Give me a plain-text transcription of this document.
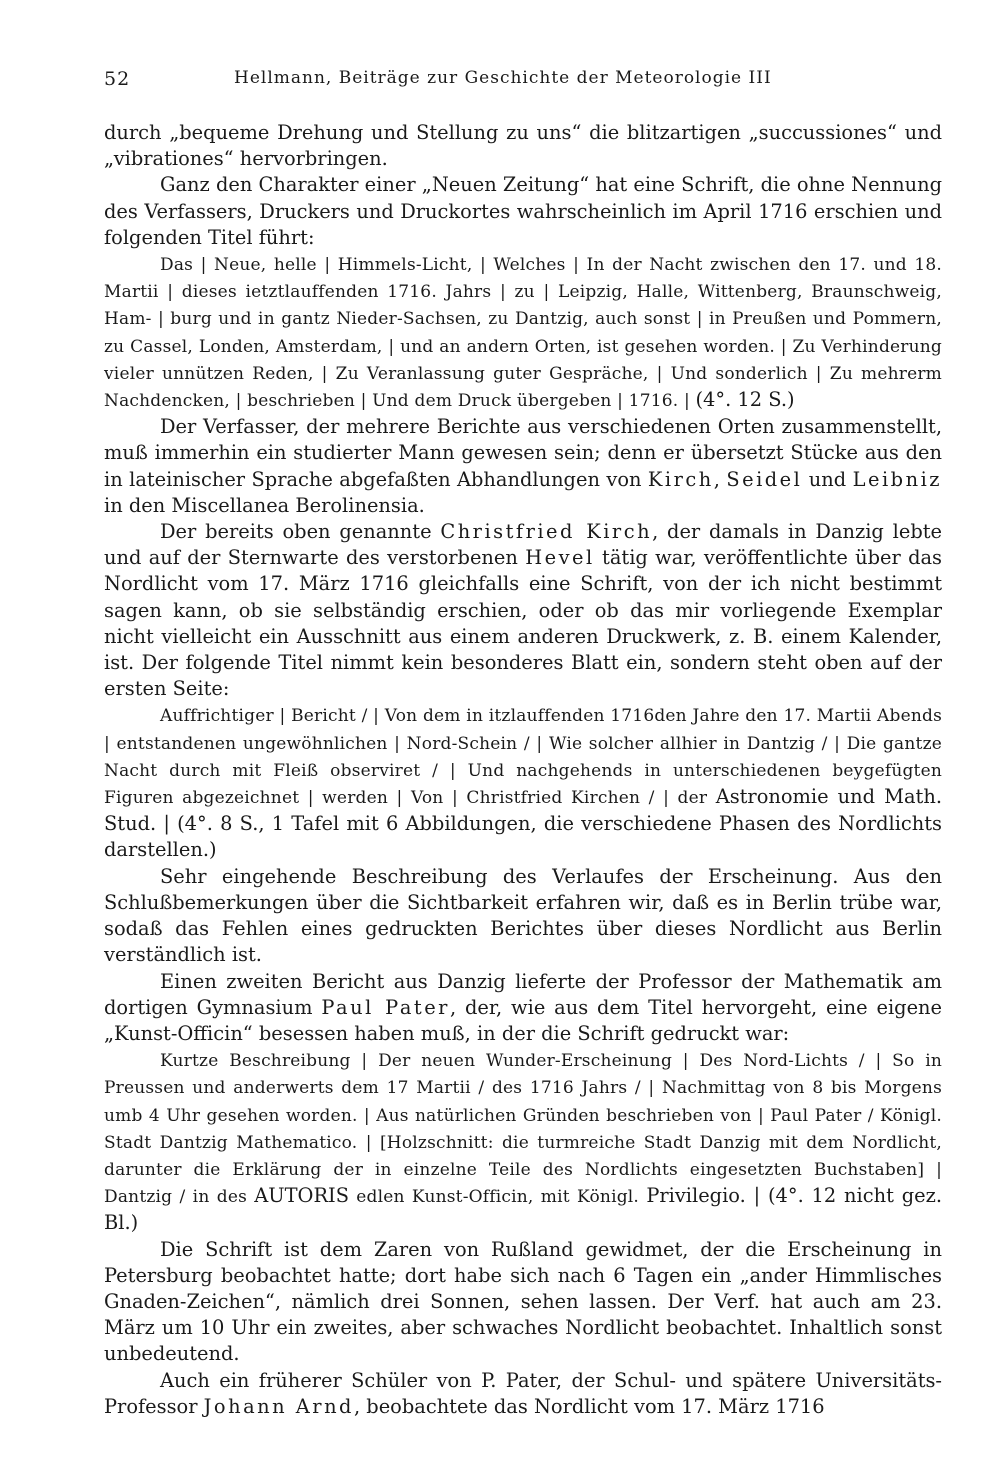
52	Hellmann, Beiträge zur Geschichte der Meteorologie III

durch „bequeme Drehung und Stellung zu uns“ die blitzartigen „succussiones“ und „vibrationes“ hervorbringen.

Ganz den Charakter einer „Neuen Zeitung“ hat eine Schrift, die ohne Nennung des Verfassers, Druckers und Druckortes wahrscheinlich im April 1716 erschien und folgenden Titel führt:

Das | Neue, helle | Himmels-Licht, | Welches | In der Nacht zwischen den 17. und 18. Martii | dieses ietztlauffenden 1716. Jahrs | zu | Leipzig, Halle, Wittenberg, Braunschweig, Ham- | burg und in gantz Nieder-Sachsen, zu Dantzig, auch sonst | in Preußen und Pommern, zu Cassel, Londen, Amsterdam, | und an andern Orten, ist gesehen worden. | Zu Verhinderung vieler unnützen Reden, | Zu Veranlassung guter Gespräche, | Und sonderlich | Zu mehrerm Nachdencken, | beschrieben | Und dem Druck übergeben | 1716. | (4°. 12 S.)

Der Verfasser, der mehrere Berichte aus verschiedenen Orten zusammenstellt, muß immerhin ein studierter Mann gewesen sein; denn er übersetzt Stücke aus den in lateinischer Sprache abgefaßten Abhandlungen von Kirch, Seidel und Leibniz in den Miscellanea Berolinensia.

Der bereits oben genannte Christfried Kirch, der damals in Danzig lebte und auf der Sternwarte des verstorbenen Hevel tätig war, veröffentlichte über das Nordlicht vom 17. März 1716 gleichfalls eine Schrift, von der ich nicht bestimmt sagen kann, ob sie selbständig erschien, oder ob das mir vorliegende Exemplar nicht vielleicht ein Ausschnitt aus einem anderen Druckwerk, z. B. einem Kalender, ist. Der folgende Titel nimmt kein besonderes Blatt ein, sondern steht oben auf der ersten Seite:

Auffrichtiger | Bericht / | Von dem in itzlauffenden 1716den Jahre den 17. Martii Abends | entstandenen ungewöhnlichen | Nord-Schein / | Wie solcher allhier in Dantzig / | Die gantze Nacht durch mit Fleiß observiret / | Und nachgehends in unterschiedenen beygefügten Figuren abgezeichnet | werden | Von | Christfried Kirchen / | der Astronomie und Math. Stud. | (4°. 8 S., 1 Tafel mit 6 Abbildungen, die verschiedene Phasen des Nordlichts darstellen.)

Sehr eingehende Beschreibung des Verlaufes der Erscheinung. Aus den Schlußbemerkungen über die Sichtbarkeit erfahren wir, daß es in Berlin trübe war, sodaß das Fehlen eines gedruckten Berichtes über dieses Nordlicht aus Berlin verständlich ist.

Einen zweiten Bericht aus Danzig lieferte der Professor der Mathematik am dortigen Gymnasium Paul Pater, der, wie aus dem Titel hervorgeht, eine eigene „Kunst-Officin“ besessen haben muß, in der die Schrift gedruckt war:

Kurtze Beschreibung | Der neuen Wunder-Erscheinung | Des Nord-Lichts / | So in Preussen und anderwerts dem 17 Martii / des 1716 Jahrs / | Nachmittag von 8 bis Morgens umb 4 Uhr gesehen worden. | Aus natürlichen Gründen beschrieben von | Paul Pater / Königl. Stadt Dantzig Mathematico. | [Holzschnitt: die turmreiche Stadt Danzig mit dem Nordlicht, darunter die Erklärung der in einzelne Teile des Nordlichts eingesetzten Buchstaben] | Dantzig / in des AUTORIS edlen Kunst-Officin, mit Königl. Privilegio. | (4°. 12 nicht gez. Bl.)

Die Schrift ist dem Zaren von Rußland gewidmet, der die Erscheinung in Petersburg beobachtet hatte; dort habe sich nach 6 Tagen ein „ander Himmlisches Gnaden-Zeichen“, nämlich drei Sonnen, sehen lassen. Der Verf. hat auch am 23. März um 10 Uhr ein zweites, aber schwaches Nordlicht beobachtet. Inhaltlich sonst unbedeutend.

Auch ein früherer Schüler von P. Pater, der Schul- und spätere Universitäts-Professor Johann Arnd, beobachtete das Nordlicht vom 17. März 1716
